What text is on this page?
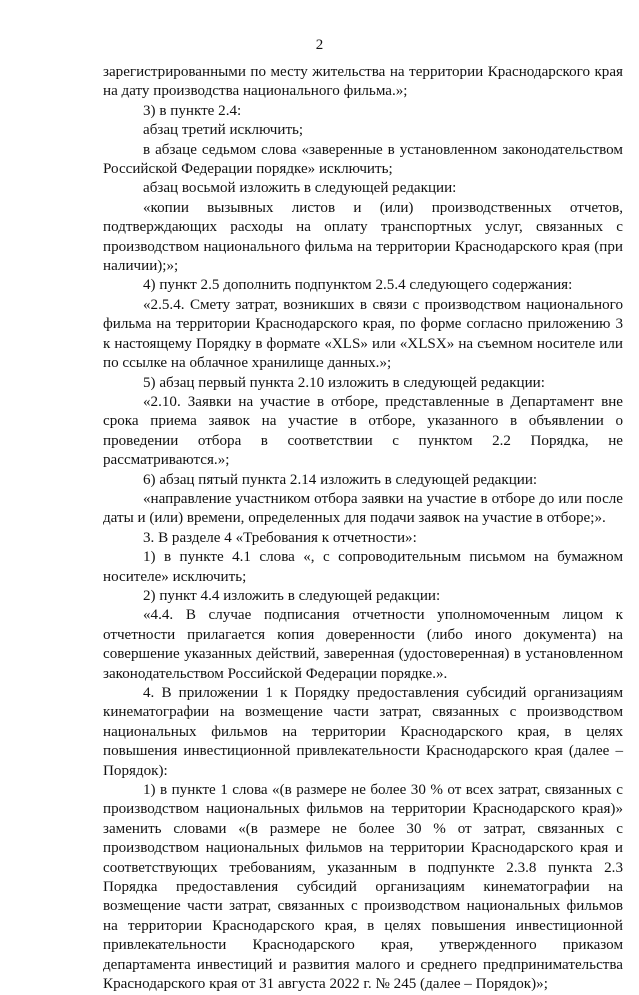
2

зарегистрированными по месту жительства на территории Краснодарского края на дату производства национального фильма.»;

3) в пункте 2.4:

абзац третий исключить;

в абзаце седьмом слова «заверенные в установленном законодательством Российской Федерации порядке» исключить;

абзац восьмой изложить в следующей редакции:

«копии вызывных листов и (или) производственных отчетов, подтверждающих расходы на оплату транспортных услуг, связанных с производством национального фильма на территории Краснодарского края (при наличии);»;

4) пункт 2.5 дополнить подпунктом 2.5.4 следующего содержания:

«2.5.4. Смету затрат, возникших в связи с производством национального фильма на территории Краснодарского края, по форме согласно приложению 3 к настоящему Порядку в формате «XLS» или «XLSX» на съемном носителе или по ссылке на облачное хранилище данных.»;

5) абзац первый пункта 2.10 изложить в следующей редакции:

«2.10. Заявки на участие в отборе, представленные в Департамент вне срока приема заявок на участие в отборе, указанного в объявлении о проведении отбора в соответствии с пунктом 2.2 Порядка, не рассматриваются.»;

6) абзац пятый пункта 2.14 изложить в следующей редакции:

«направление участником отбора заявки на участие в отборе до или после даты и (или) времени, определенных для подачи заявок на участие в отборе;».

3. В разделе 4 «Требования к отчетности»:

1) в пункте 4.1 слова «, с сопроводительным письмом на бумажном носителе» исключить;

2) пункт 4.4 изложить в следующей редакции:

«4.4. В случае подписания отчетности уполномоченным лицом к отчетности прилагается копия доверенности (либо иного документа) на совершение указанных действий, заверенная (удостоверенная) в установленном законодательством Российской Федерации порядке.».

4. В приложении 1 к Порядку предоставления субсидий организациям кинематографии на возмещение части затрат, связанных с производством национальных фильмов на территории Краснодарского края, в целях повышения инвестиционной привлекательности Краснодарского края (далее – Порядок):

1) в пункте 1 слова «(в размере не более 30 % от всех затрат, связанных с производством национальных фильмов на территории Краснодарского края)» заменить словами «(в размере не более 30 % от затрат, связанных с производством национальных фильмов на территории Краснодарского края и соответствующих требованиям, указанным в подпункте 2.3.8 пункта 2.3 Порядка предоставления субсидий организациям кинематографии на возмещение части затрат, связанных с производством национальных фильмов на территории Краснодарского края, в целях повышения инвестиционной привлекательности Краснодарского края, утвержденного приказом департамента инвестиций и развития малого и среднего предпринимательства Краснодарского края от 31 августа 2022 г. № 245 (далее – Порядок)»;
